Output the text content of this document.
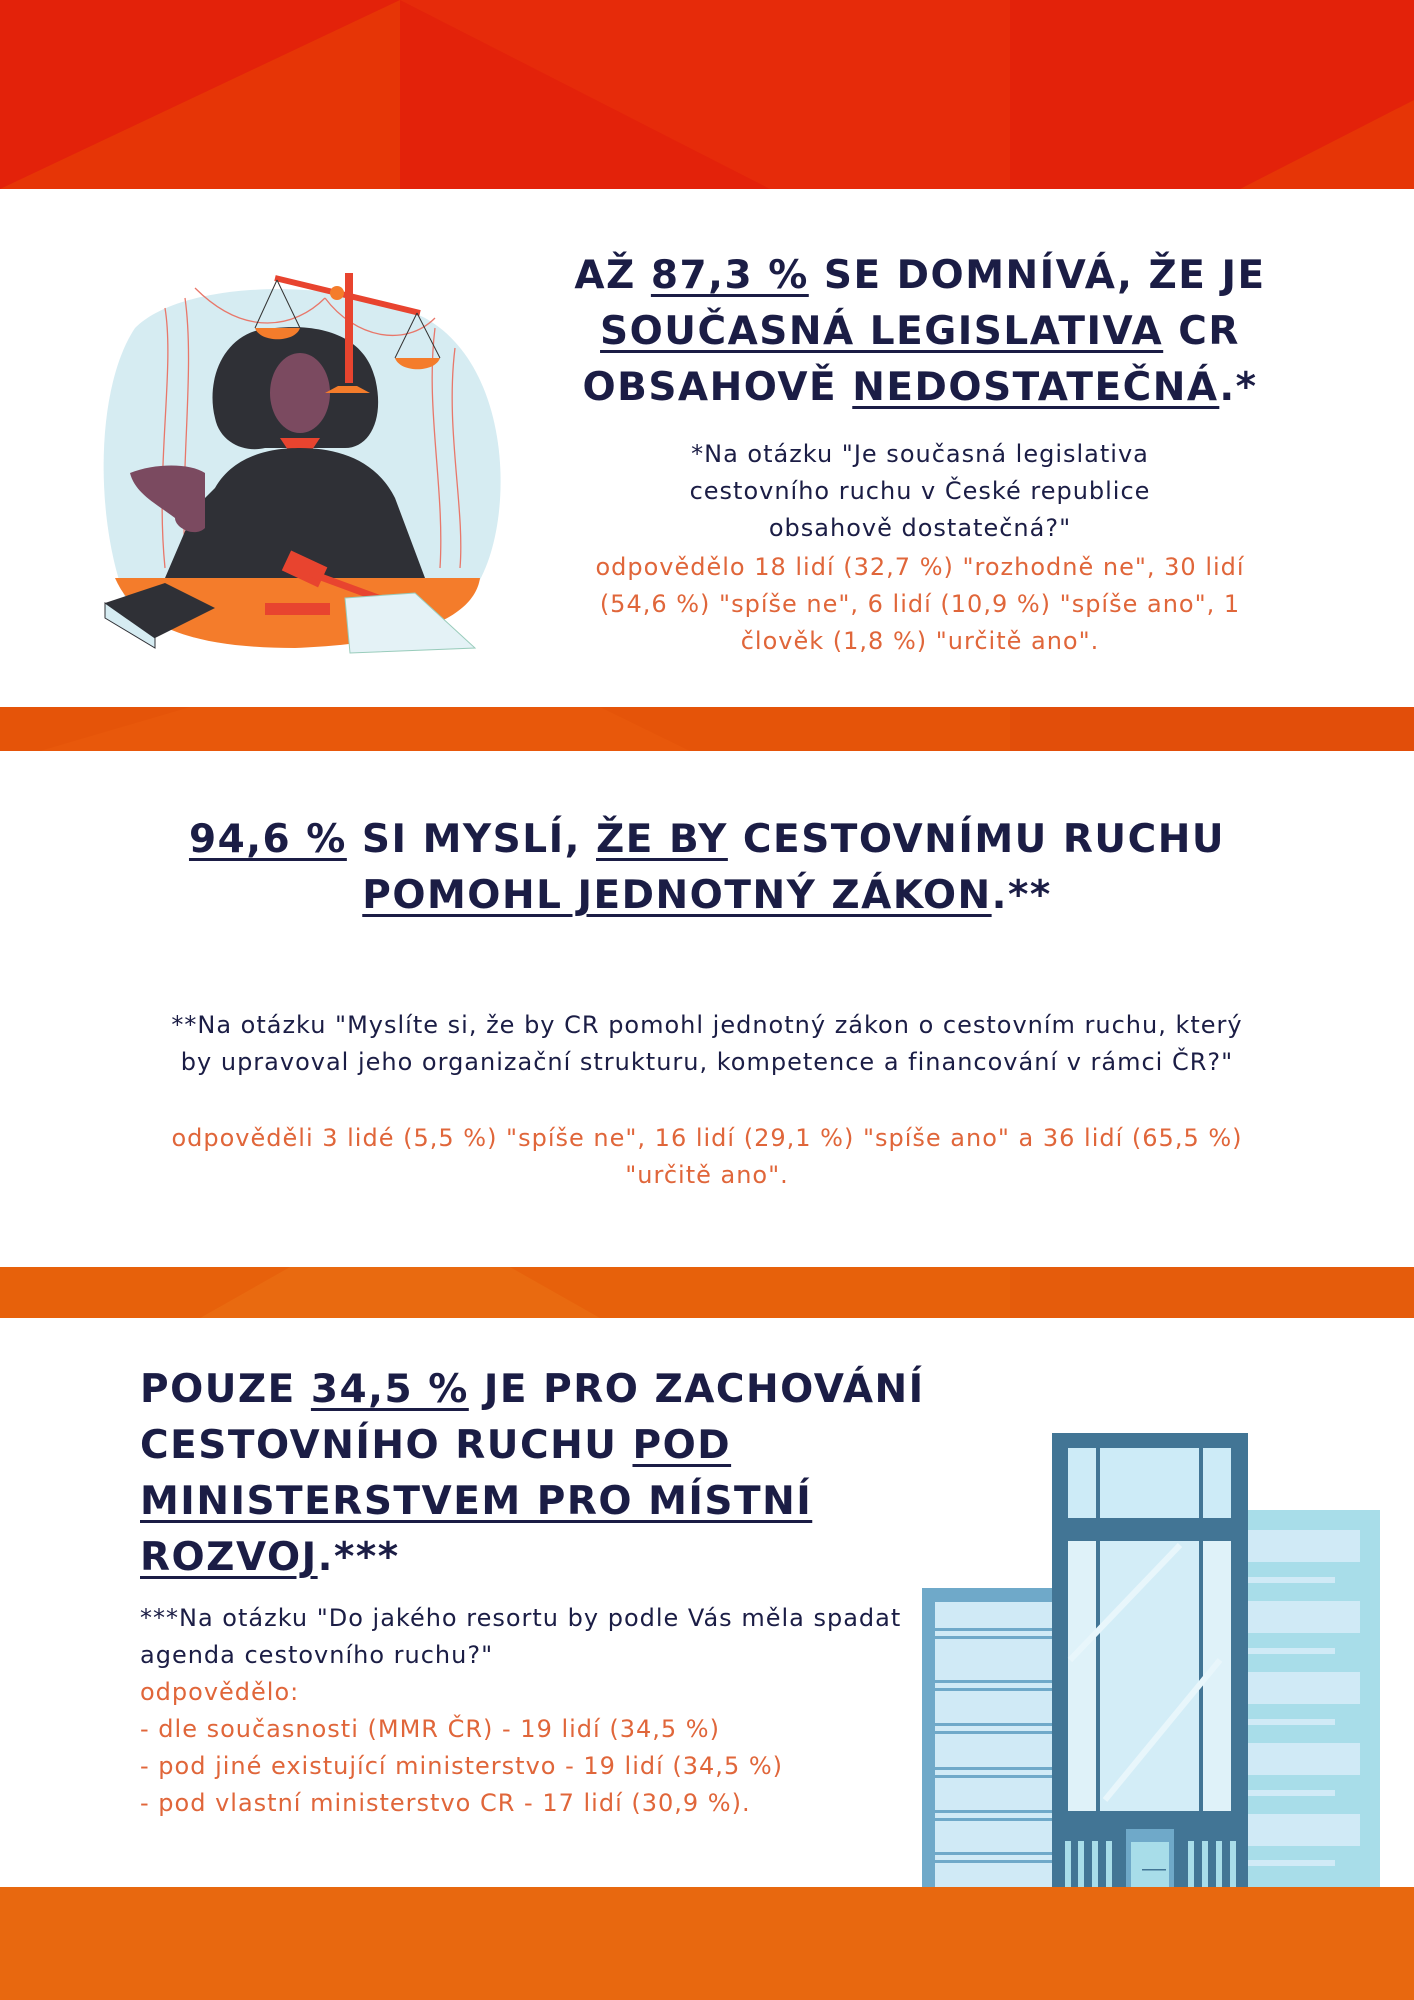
AŽ 87,3 % SE DOMNÍVÁ, ŽE JE SOUČASNÁ LEGISLATIVA CR OBSAHOVĚ NEDOSTATEČNÁ.*

*Na otázku "Je současná legislativa cestovního ruchu v České republice obsahově dostatečná?"

odpovědělo 18 lidí (32,7 %) "rozhodně ne", 30 lidí (54,6 %) "spíše ne", 6 lidí (10,9 %) "spíše ano", 1 člověk (1,8 %) "určitě ano".

94,6 % SI MYSLÍ, ŽE BY CESTOVNÍMU RUCHU
POMOHL JEDNOTNÝ ZÁKON.**

**Na otázku "Myslíte si, že by CR pomohl jednotný zákon o cestovním ruchu, který by upravoval jeho organizační strukturu, kompetence a financování v rámci ČR?"

odpověděli 3 lidé (5,5 %) "spíše ne", 16 lidí (29,1 %) "spíše ano" a 36 lidí (65,5 %) "určitě ano".

POUZE 34,5 % JE PRO ZACHOVÁNÍ CESTOVNÍHO RUCHU POD MINISTERSTVEM PRO MÍSTNÍ ROZVOJ.***

***Na otázku "Do jakého resortu by podle Vás měla spadat agenda cestovního ruchu?"

odpovědělo:

- dle současnosti (MMR ČR) - 19 lidí (34,5 %)

- pod jiné existující ministerstvo - 19 lidí (34,5 %)

- pod vlastní ministerstvo CR - 17 lidí (30,9 %).
